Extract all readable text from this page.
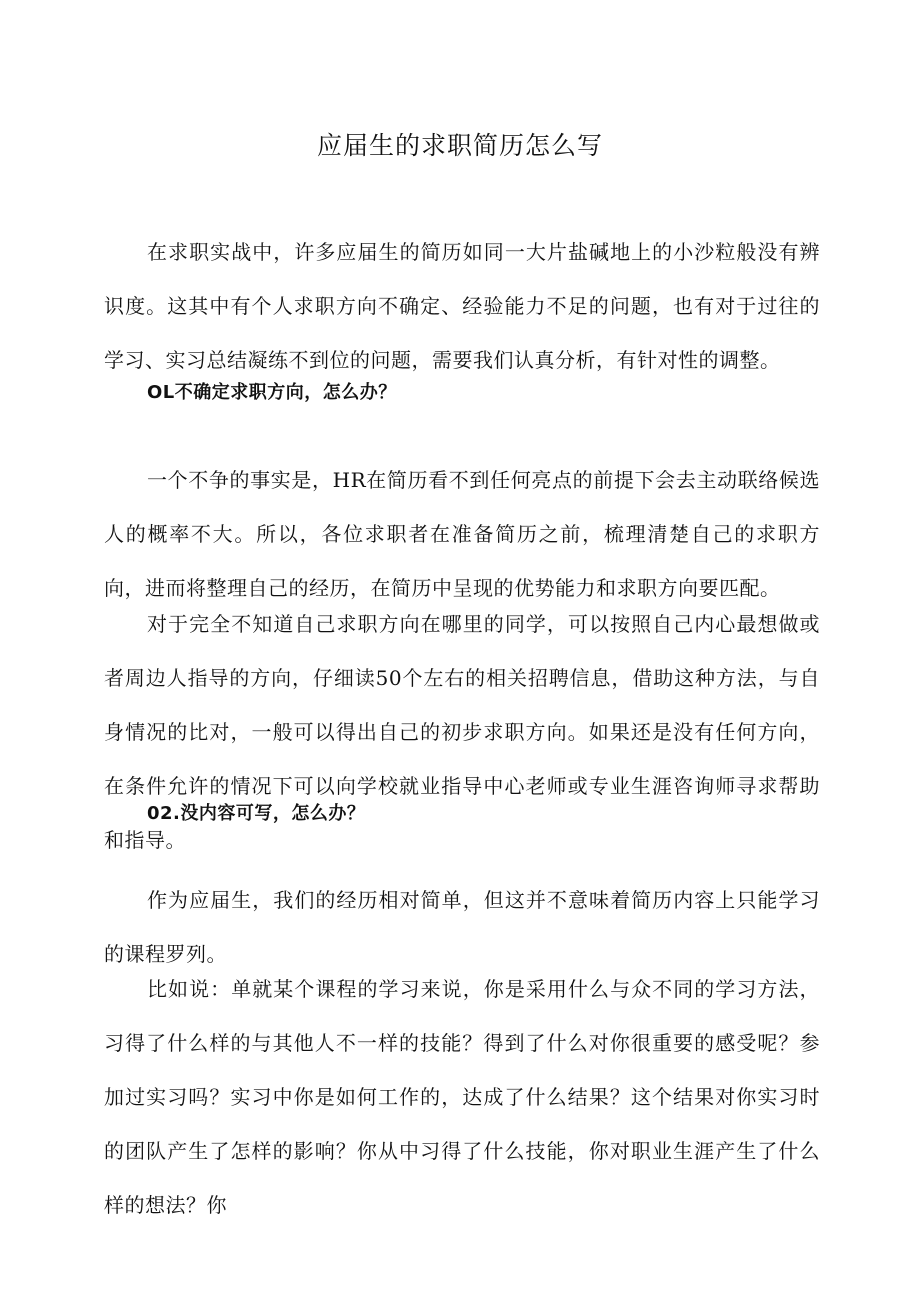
应届生的求职简历怎么写

在求职实战中，许多应届生的简历如同一大片盐碱地上的小沙粒般没有辨识度。这其中有个人求职方向不确定、经验能力不足的问题，也有对于过往的学习、实习总结凝练不到位的问题，需要我们认真分析，有针对性的调整。

OL不确定求职方向，怎么办？

一个不争的事实是，HR在简历看不到任何亮点的前提下会去主动联络候选人的概率不大。所以，各位求职者在准备简历之前，梳理清楚自己的求职方向，进而将整理自己的经历，在简历中呈现的优势能力和求职方向要匹配。

对于完全不知道自己求职方向在哪里的同学，可以按照自己内心最想做或者周边人指导的方向，仔细读50个左右的相关招聘信息，借助这种方法，与自身情况的比对，一般可以得出自己的初步求职方向。如果还是没有任何方向，在条件允许的情况下可以向学校就业指导中心老师或专业生涯咨询师寻求帮助和指导。

02.没内容可写，怎么办？

作为应届生，我们的经历相对简单，但这并不意味着简历内容上只能学习的课程罗列。

比如说：单就某个课程的学习来说，你是采用什么与众不同的学习方法，习得了什么样的与其他人不一样的技能？得到了什么对你很重要的感受呢？参加过实习吗？实习中你是如何工作的，达成了什么结果？这个结果对你实习时的团队产生了怎样的影响？你从中习得了什么技能，你对职业生涯产生了什么样的想法？你
